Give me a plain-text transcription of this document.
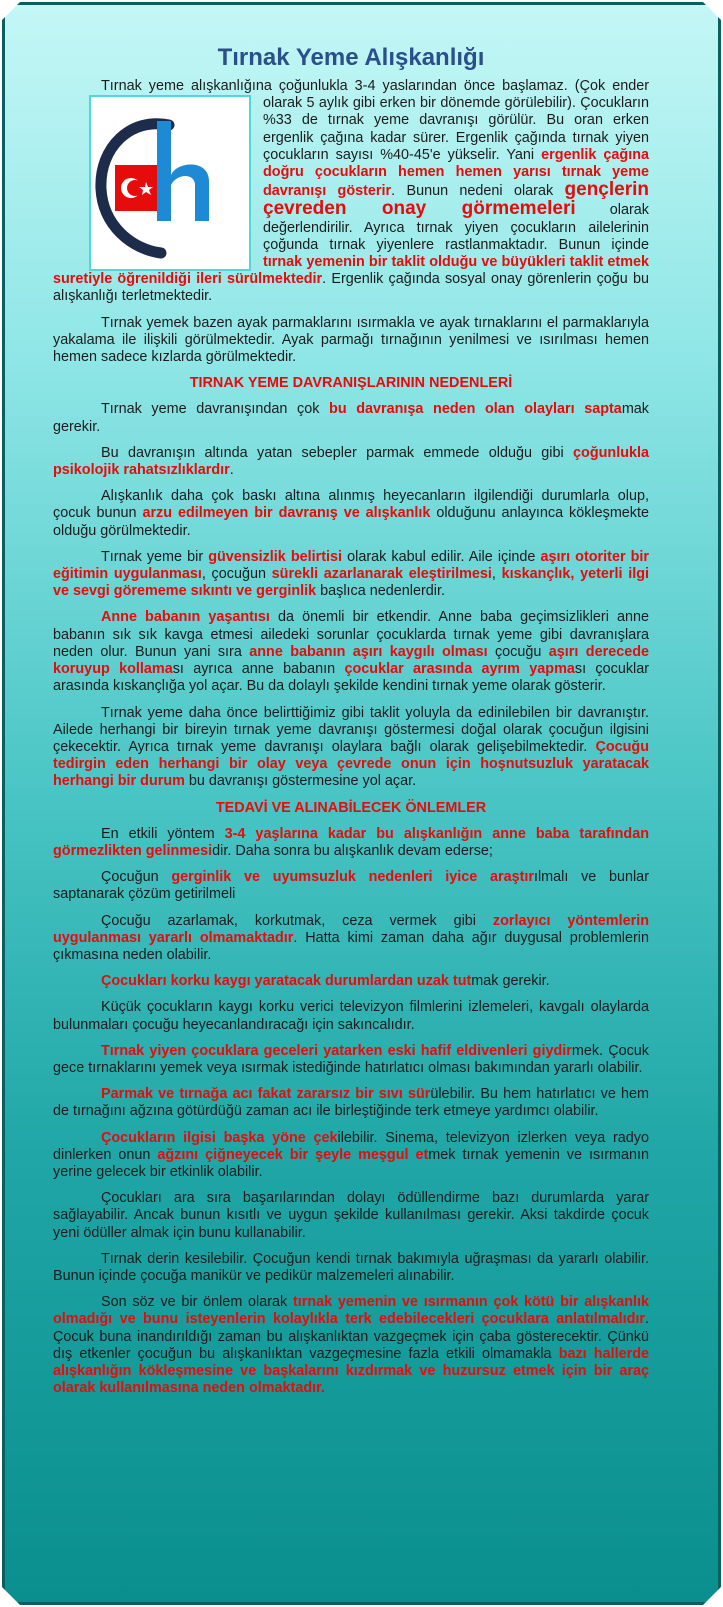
Tırnak Yeme Alışkanlığı

Tırnak yeme alışkanlığına çoğunlukla 3-4 yaslarından önce başlamaz. (Çok
ender olarak 5 aylık gibi erken bir dönemde görülebilir). Çocukların %33 de tırnak yeme davranışı görülür. Bu oran erken ergenlik çağına kadar sürer. Ergenlik çağında tırnak yiyen çocukların sayısı %40-45'e yükselir. Yani ergenlik çağına doğru çocukların hemen hemen yarısı tırnak yeme davranışı gösterir. Bunun nedeni olarak gençlerin çevreden onay görmemeleri olarak değerlendirilir. Ayrıca tırnak yiyen çocukların ailelerinin çoğunda tırnak yiyenlere rastlanmaktadır. Bunun içinde tırnak yemenin bir taklit olduğu ve büyükleri taklit etmek suretiyle öğrenildiği ileri sürülmektedir. Ergenlik çağında sosyal onay görenlerin çoğu bu alışkanlığı terletmektedir.

Tırnak yemek bazen ayak parmaklarını ısırmakla ve ayak tırnaklarını el parmaklarıyla yakalama ile ilişkili görülmektedir. Ayak parmağı tırnağının yenilmesi ve ısırılması hemen hemen sadece kızlarda görülmektedir.

TIRNAK YEME DAVRANIŞLARININ NEDENLERİ

Tırnak yeme davranışından çok bu davranışa neden olan olayları saptamak gerekir.

Bu davranışın altında yatan sebepler parmak emmede olduğu gibi çoğunlukla psikolojik rahatsızlıklardır.

Alışkanlık daha çok baskı altına alınmış heyecanların ilgilendiği durumlarla olup, çocuk bunun arzu edilmeyen bir davranış ve alışkanlık olduğunu anlayınca kökleşmekte olduğu görülmektedir.

Tırnak yeme bir güvensizlik belirtisi olarak kabul edilir. Aile içinde aşırı otoriter bir eğitimin uygulanması, çocuğun sürekli azarlanarak eleştirilmesi, kıskançlık, yeterli ilgi ve sevgi görememe sıkıntı ve gerginlik başlıca nedenlerdir.

Anne babanın yaşantısı da önemli bir etkendir. Anne baba geçimsizlikleri anne babanın sık sık kavga etmesi ailedeki sorunlar çocuklarda tırnak yeme gibi davranışlara neden olur. Bunun yani sıra anne babanın aşırı kaygılı olması çocuğu aşırı derecede koruyup kollaması ayrıca anne babanın çocuklar arasında ayrım yapması çocuklar arasında kıskançlığa yol açar. Bu da dolaylı şekilde kendini tırnak yeme olarak gösterir.

Tırnak yeme daha önce belirttiğimiz gibi taklit yoluyla da edinilebilen bir davranıştır. Ailede herhangi bir bireyin tırnak yeme davranışı göstermesi doğal olarak çocuğun ilgisini çekecektir. Ayrıca tırnak yeme davranışı olaylara bağlı olarak gelişebilmektedir. Çocuğu tedirgin eden herhangi bir olay veya çevrede onun için hoşnutsuzluk yaratacak herhangi bir durum bu davranışı göstermesine yol açar.

TEDAVİ VE ALINABİLECEK ÖNLEMLER

En etkili yöntem 3-4 yaşlarına kadar bu alışkanlığın anne baba tarafından görmezlikten gelinmesidir. Daha sonra bu alışkanlık devam ederse;

Çocuğun gerginlik ve uyumsuzluk nedenleri iyice araştırılmalı ve bunlar saptanarak çözüm getirilmeli

Çocuğu azarlamak, korkutmak, ceza vermek gibi zorlayıcı yöntemlerin uygulanması yararlı olmamaktadır. Hatta kimi zaman daha ağır duygusal problemlerin çıkmasına neden olabilir.

Çocukları korku kaygı yaratacak durumlardan uzak tutmak gerekir.

Küçük çocukların kaygı korku verici televizyon filmlerini izlemeleri, kavgalı olaylarda bulunmaları çocuğu heyecanlandıracağı için sakıncalıdır.

Tırnak yiyen çocuklara geceleri yatarken eski hafif eldivenleri giydirmek. Çocuk gece tırnaklarını yemek veya ısırmak istediğinde hatırlatıcı olması bakımından yararlı olabilir.

Parmak ve tırnağa acı fakat zararsız bir sıvı sürülebilir. Bu hem hatırlatıcı ve hem de tırnağını ağzına götürdüğü zaman acı ile birleştiğinde terk etmeye yardımcı olabilir.

Çocukların ilgisi başka yöne çekilebilir. Sinema, televizyon izlerken veya radyo dinlerken onun ağzını çiğneyecek bir şeyle meşgul etmek tırnak yemenin ve ısırmanın yerine gelecek bir etkinlik olabilir.

Çocukları ara sıra başarılarından dolayı ödüllendirme bazı durumlarda yarar sağlayabilir. Ancak bunun kısıtlı ve uygun şekilde kullanılması gerekir. Aksi takdirde çocuk yeni ödüller almak için bunu kullanabilir.

Tırnak derin kesilebilir. Çocuğun kendi tırnak bakımıyla uğraşması da yararlı olabilir. Bunun içinde çocuğa manikür ve pedikür malzemeleri alınabilir.

Son söz ve bir önlem olarak tırnak yemenin ve ısırmanın çok kötü bir alışkanlık olmadığı ve bunu isteyenlerin kolaylıkla terk edebilecekleri çocuklara anlatılmalıdır. Çocuk buna inandırıldığı zaman bu alışkanlıktan vazgeçmek için çaba gösterecektir. Çünkü dış etkenler çocuğun bu alışkanlıktan vazgeçmesine fazla etkili olmamakla bazı hallerde alışkanlığın kökleşmesine ve başkalarını kızdırmak ve huzursuz etmek için bir araç olarak kullanılmasına neden olmaktadır.
